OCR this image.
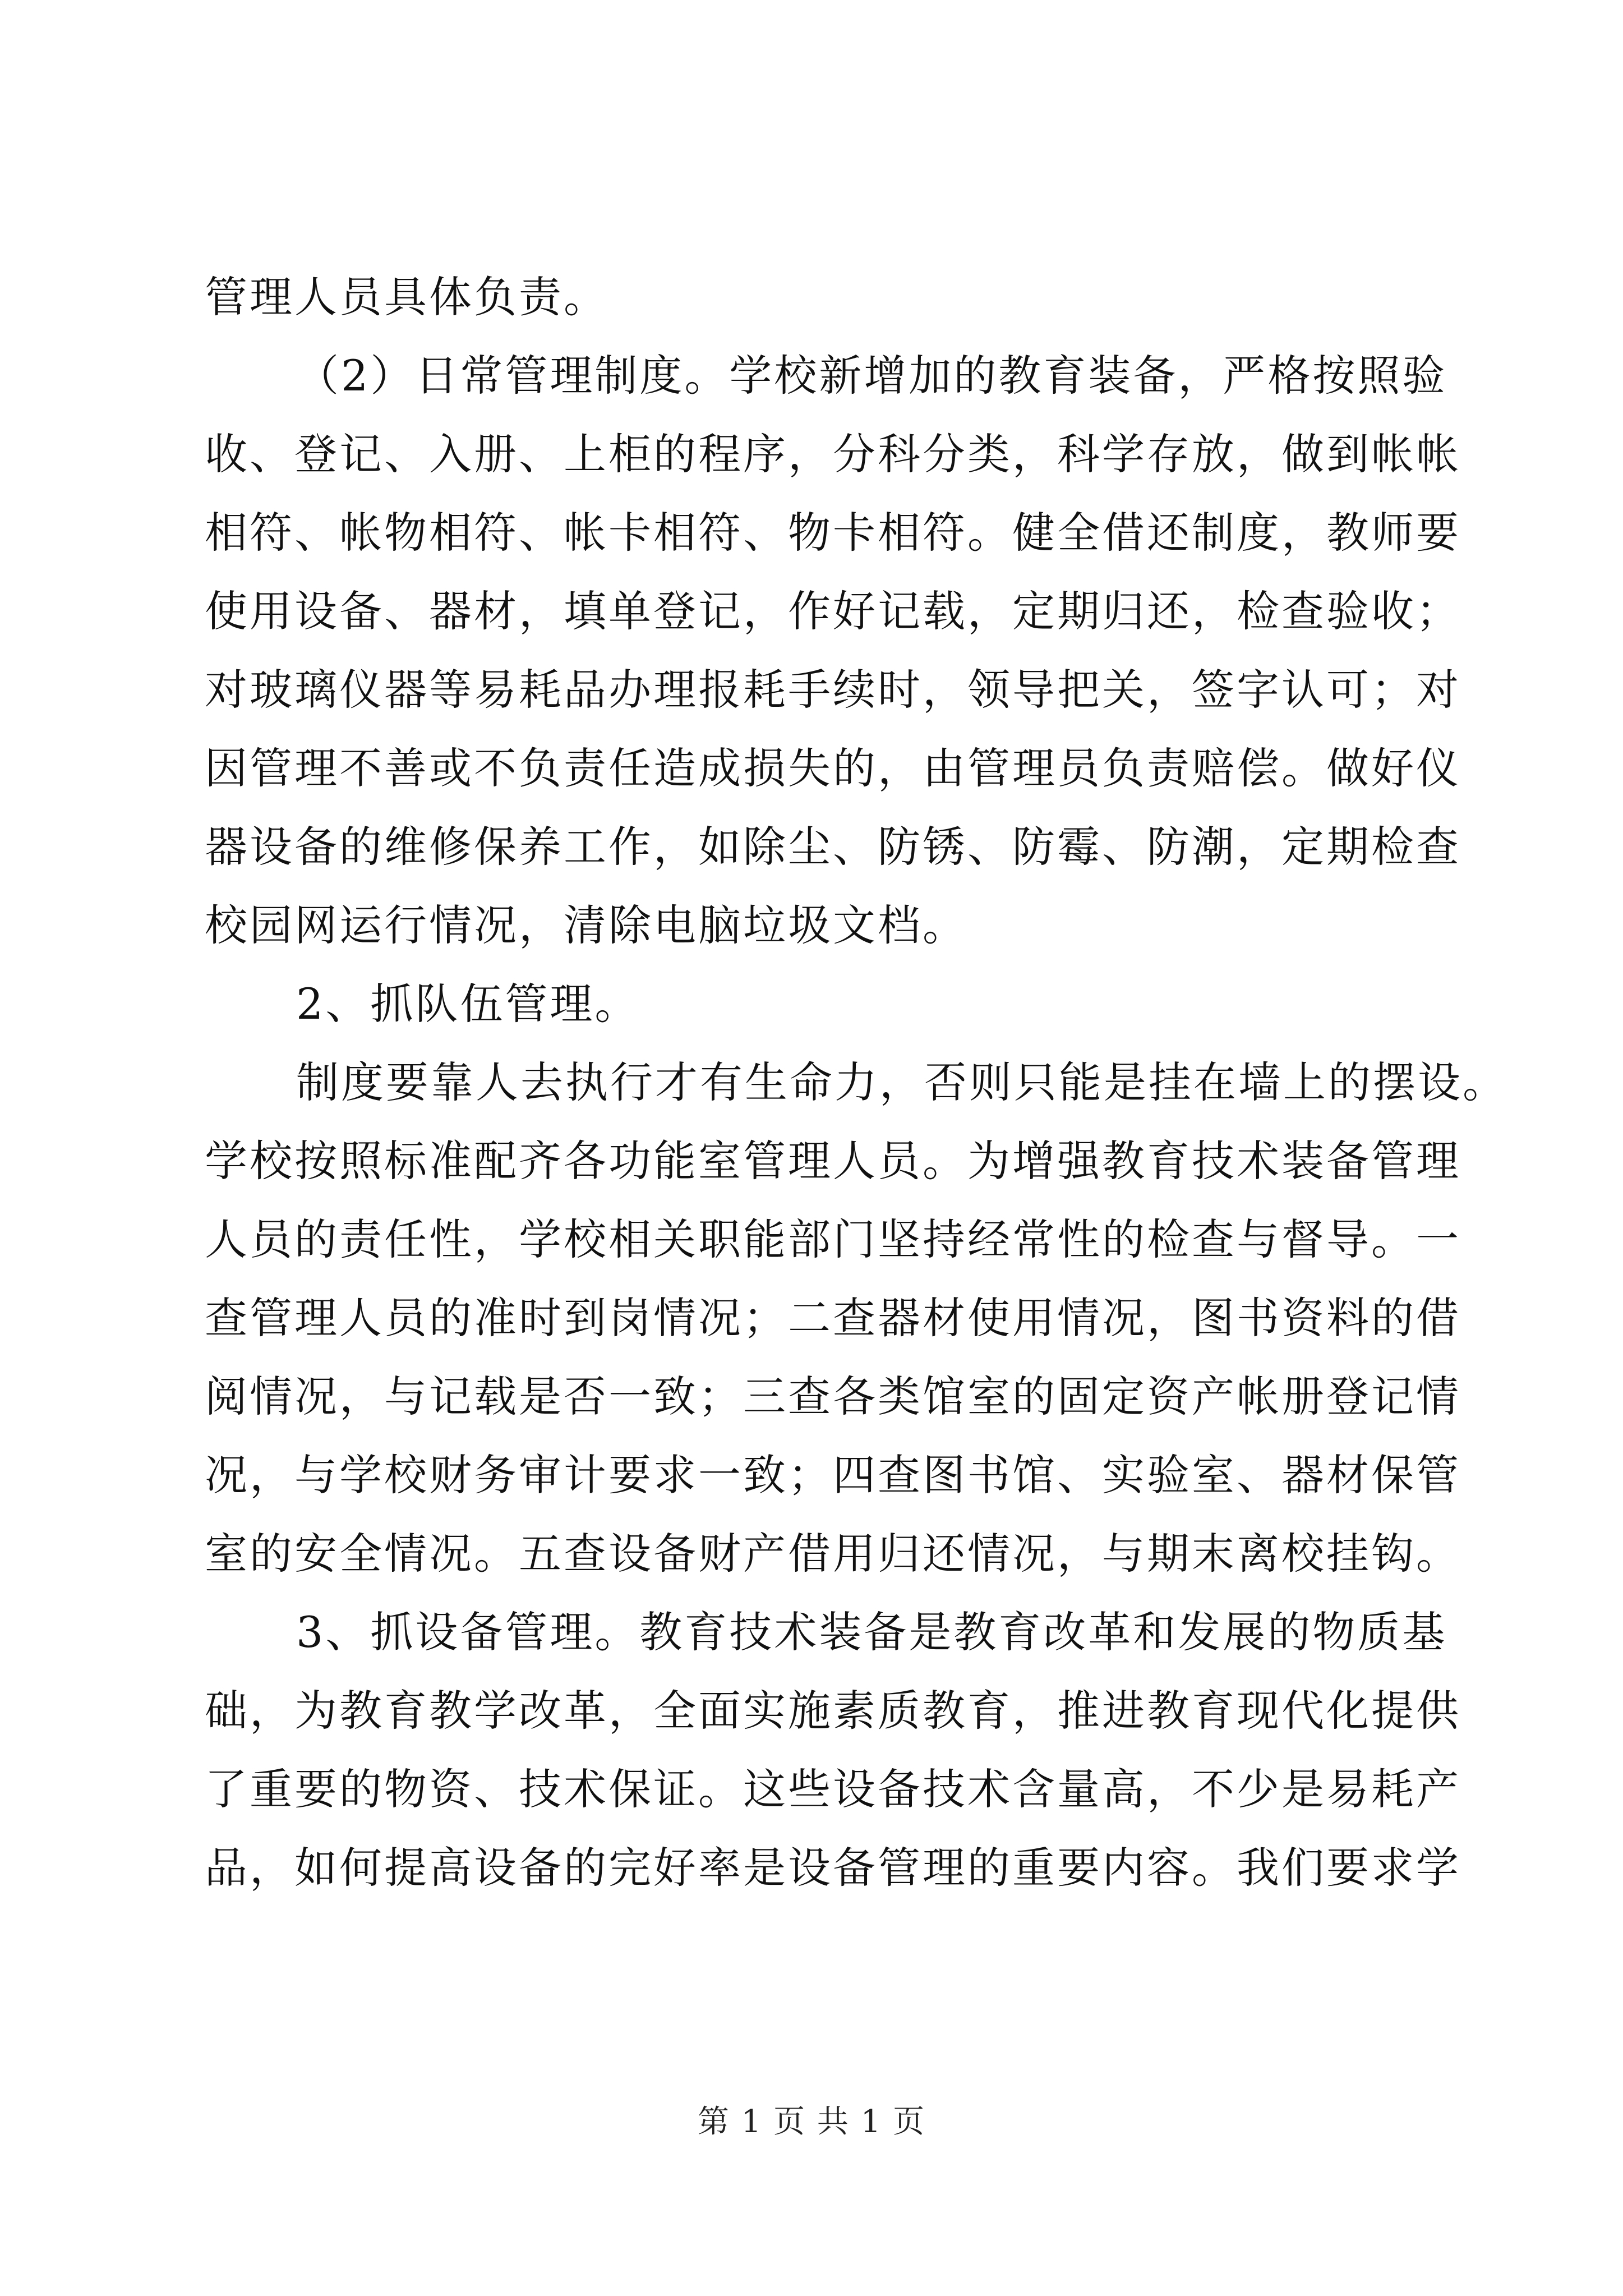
管理人员具体负责。
（2）日常管理制度。学校新增加的教育装备，严格按照验
收、登记、入册、上柜的程序，分科分类，科学存放，做到帐帐
相符、帐物相符、帐卡相符、物卡相符。健全借还制度，教师要
使用设备、器材，填单登记，作好记载，定期归还，检查验收；
对玻璃仪器等易耗品办理报耗手续时，领导把关，签字认可；对
因管理不善或不负责任造成损失的，由管理员负责赔偿。做好仪
器设备的维修保养工作，如除尘、防锈、防霉、防潮，定期检查
校园网运行情况，清除电脑垃圾文档。
2、抓队伍管理。
制度要靠人去执行才有生命力，否则只能是挂在墙上的摆设。
学校按照标准配齐各功能室管理人员。为增强教育技术装备管理
人员的责任性，学校相关职能部门坚持经常性的检查与督导。一
查管理人员的准时到岗情况；二查器材使用情况，图书资料的借
阅情况，与记载是否一致；三查各类馆室的固定资产帐册登记情
况，与学校财务审计要求一致；四查图书馆、实验室、器材保管
室的安全情况。五查设备财产借用归还情况，与期末离校挂钩。
3、抓设备管理。教育技术装备是教育改革和发展的物质基
础，为教育教学改革，全面实施素质教育，推进教育现代化提供
了重要的物资、技术保证。这些设备技术含量高，不少是易耗产
品，如何提高设备的完好率是设备管理的重要内容。我们要求学
第 1 页 共 1 页
